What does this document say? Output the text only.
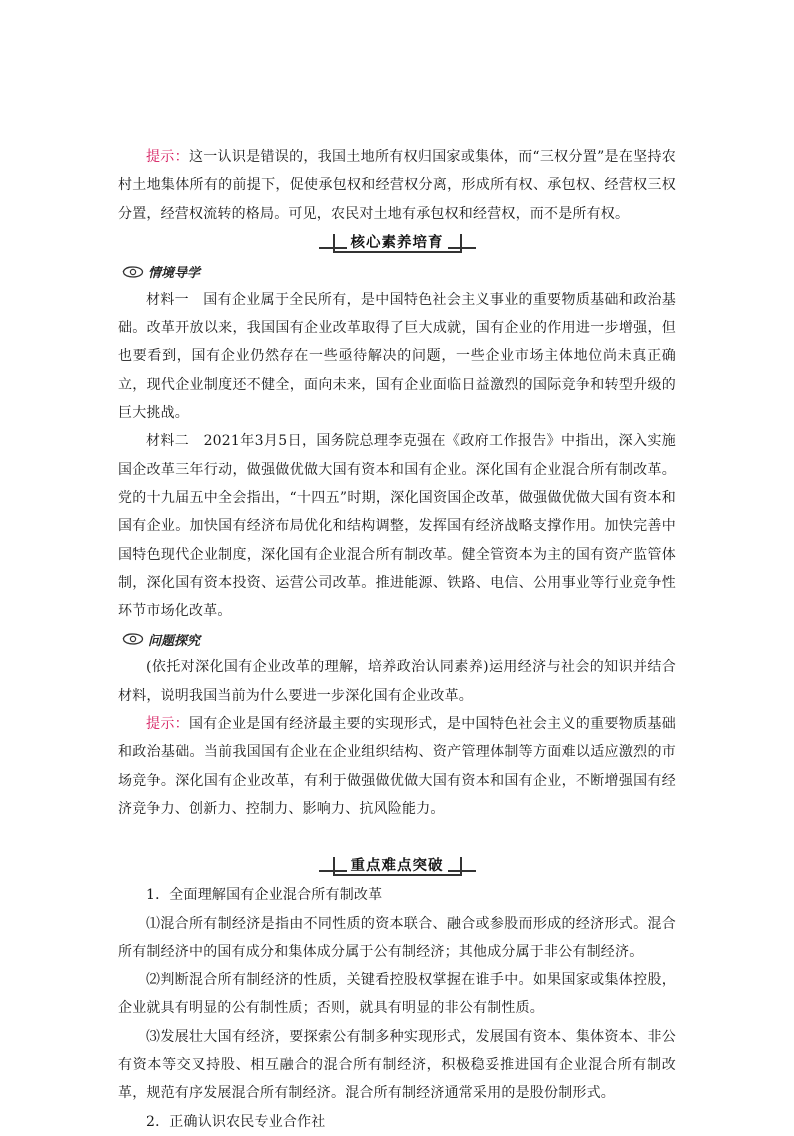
提示：这一认识是错误的，我国土地所有权归国家或集体，而“三权分置”是在坚持农村土地集体所有的前提下，促使承包权和经营权分离，形成所有权、承包权、经营权三权分置，经营权流转的格局。可见，农民对土地有承包权和经营权，而不是所有权。

核心素养培育
情境导学

材料一　国有企业属于全民所有，是中国特色社会主义事业的重要物质基础和政治基础。改革开放以来，我国国有企业改革取得了巨大成就，国有企业的作用进一步增强，但也要看到，国有企业仍然存在一些亟待解决的问题，一些企业市场主体地位尚未真正确立，现代企业制度还不健全，面向未来，国有企业面临日益激烈的国际竞争和转型升级的巨大挑战。

材料二　2021年3月5日，国务院总理李克强在《政府工作报告》中指出，深入实施国企改革三年行动，做强做优做大国有资本和国有企业。深化国有企业混合所有制改革。党的十九届五中全会指出，“十四五”时期，深化国资国企改革，做强做优做大国有资本和国有企业。加快国有经济布局优化和结构调整，发挥国有经济战略支撑作用。加快完善中国特色现代企业制度，深化国有企业混合所有制改革。健全管资本为主的国有资产监管体制，深化国有资本投资、运营公司改革。推进能源、铁路、电信、公用事业等行业竞争性环节市场化改革。

问题探究

(依托对深化国有企业改革的理解，培养政治认同素养)运用经济与社会的知识并结合材料，说明我国当前为什么要进一步深化国有企业改革。

提示：国有企业是国有经济最主要的实现形式，是中国特色社会主义的重要物质基础和政治基础。当前我国国有企业在企业组织结构、资产管理体制等方面难以适应激烈的市场竞争。深化国有企业改革，有利于做强做优做大国有资本和国有企业，不断增强国有经济竞争力、创新力、控制力、影响力、抗风险能力。

重点难点突破

1．全面理解国有企业混合所有制改革

⑴混合所有制经济是指由不同性质的资本联合、融合或参股而形成的经济形式。混合所有制经济中的国有成分和集体成分属于公有制经济；其他成分属于非公有制经济。

⑵判断混合所有制经济的性质，关键看控股权掌握在谁手中。如果国家或集体控股，企业就具有明显的公有制性质；否则，就具有明显的非公有制性质。

⑶发展壮大国有经济，要探索公有制多种实现形式，发展国有资本、集体资本、非公有资本等交叉持股、相互融合的混合所有制经济，积极稳妥推进国有企业混合所有制改革，规范有序发展混合所有制经济。混合所有制经济通常采用的是股份制形式。

2．正确认识农民专业合作社
